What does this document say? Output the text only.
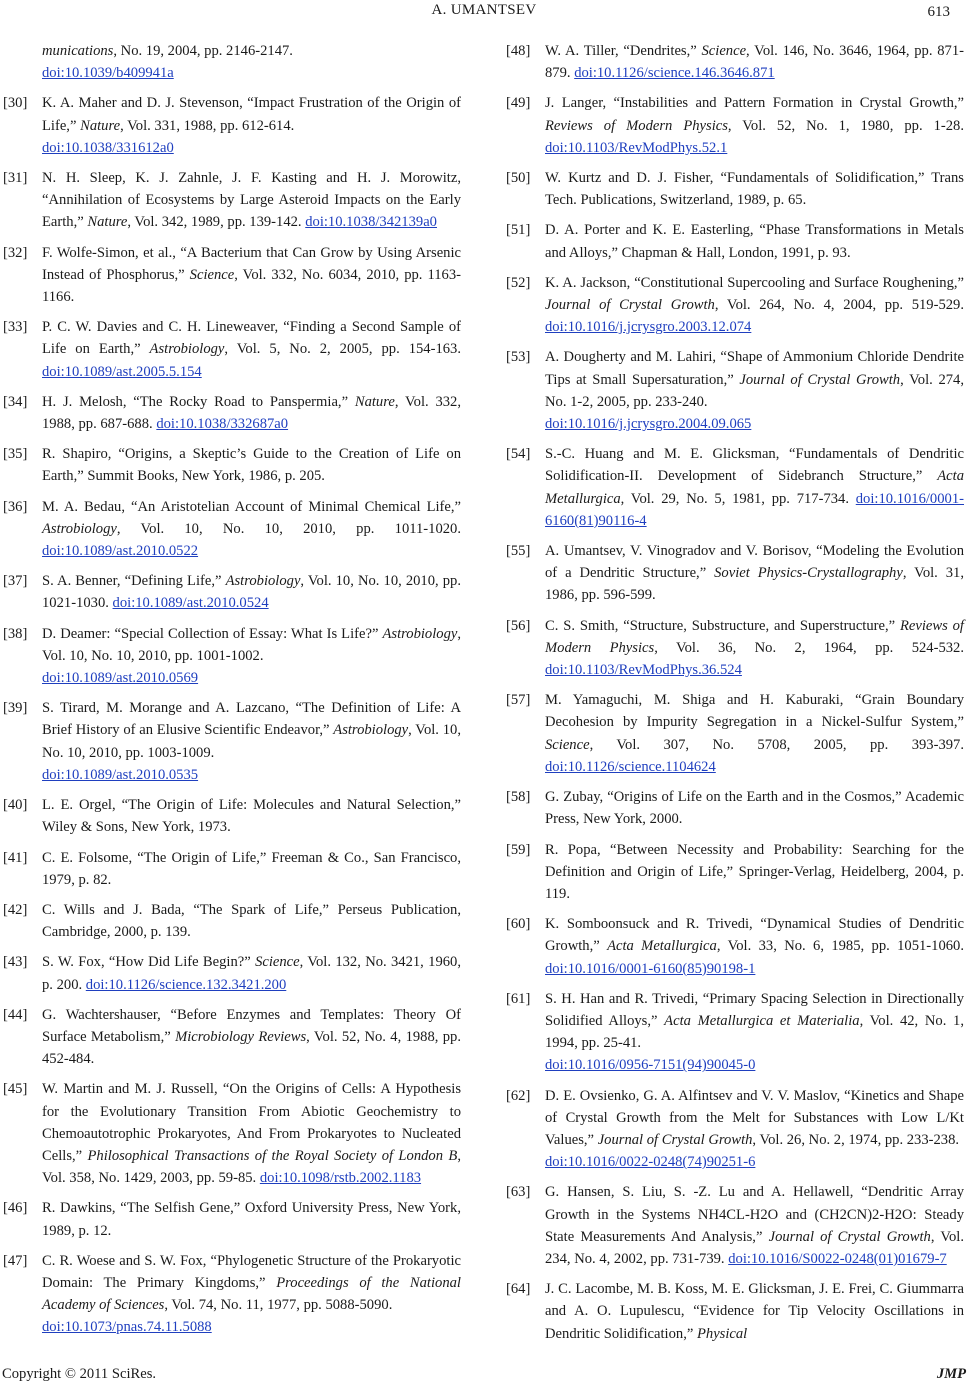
A. UMANTSEV	613
munications, No. 19, 2004, pp. 2146-2147.
doi:10.1039/b409941a
[30] K. A. Maher and D. J. Stevenson, “Impact Frustration of the Origin of Life,” Nature, Vol. 331, 1988, pp. 612-614.
doi:10.1038/331612a0
[31] N. H. Sleep, K. J. Zahnle, J. F. Kasting and H. J. Morowitz, “Annihilation of Ecosystems by Large Asteroid Impacts on the Early Earth,” Nature, Vol. 342, 1989, pp. 139-142. doi:10.1038/342139a0
[32] F. Wolfe-Simon, et al., “A Bacterium that Can Grow by Using Arsenic Instead of Phosphorus,” Science, Vol. 332, No. 6034, 2010, pp. 1163-1166.
[33] P. C. W. Davies and C. H. Lineweaver, “Finding a Second Sample of Life on Earth,” Astrobiology, Vol. 5, No. 2, 2005, pp. 154-163. doi:10.1089/ast.2005.5.154
[34] H. J. Melosh, “The Rocky Road to Panspermia,” Nature, Vol. 332, 1988, pp. 687-688. doi:10.1038/332687a0
[35] R. Shapiro, “Origins, a Skeptic’s Guide to the Creation of Life on Earth,” Summit Books, New York, 1986, p. 205.
[36] M. A. Bedau, “An Aristotelian Account of Minimal Chemical Life,” Astrobiology, Vol. 10, No. 10, 2010, pp. 1011-1020. doi:10.1089/ast.2010.0522
[37] S. A. Benner, “Defining Life,” Astrobiology, Vol. 10, No. 10, 2010, pp. 1021-1030. doi:10.1089/ast.2010.0524
[38] D. Deamer: “Special Collection of Essay: What Is Life?” Astrobiology, Vol. 10, No. 10, 2010, pp. 1001-1002.
doi:10.1089/ast.2010.0569
[39] S. Tirard, M. Morange and A. Lazcano, “The Definition of Life: A Brief History of an Elusive Scientific Endeavor,” Astrobiology, Vol. 10, No. 10, 2010, pp. 1003-1009.
doi:10.1089/ast.2010.0535
[40] L. E. Orgel, “The Origin of Life: Molecules and Natural Selection,” Wiley & Sons, New York, 1973.
[41] C. E. Folsome, “The Origin of Life,” Freeman & Co., San Francisco, 1979, p. 82.
[42] C. Wills and J. Bada, “The Spark of Life,” Perseus Publication, Cambridge, 2000, p. 139.
[43] S. W. Fox, “How Did Life Begin?” Science, Vol. 132, No. 3421, 1960, p. 200. doi:10.1126/science.132.3421.200
[44] G. Wachtershauser, “Before Enzymes and Templates: Theory Of Surface Metabolism,” Microbiology Reviews, Vol. 52, No. 4, 1988, pp. 452-484.
[45] W. Martin and M. J. Russell, “On the Origins of Cells: A Hypothesis for the Evolutionary Transition From Abiotic Geochemistry to Chemoautotrophic Prokaryotes, And From Prokaryotes to Nucleated Cells,” Philosophical Transactions of the Royal Society of London B, Vol. 358, No. 1429, 2003, pp. 59-85. doi:10.1098/rstb.2002.1183
[46] R. Dawkins, “The Selfish Gene,” Oxford University Press, New York, 1989, p. 12.
[47] C. R. Woese and S. W. Fox, “Phylogenetic Structure of the Prokaryotic Domain: The Primary Kingdoms,” Proceedings of the National Academy of Sciences, Vol. 74, No. 11, 1977, pp. 5088-5090.
doi:10.1073/pnas.74.11.5088
[48] W. A. Tiller, “Dendrites,” Science, Vol. 146, No. 3646, 1964, pp. 871-879. doi:10.1126/science.146.3646.871
[49] J. Langer, “Instabilities and Pattern Formation in Crystal Growth,” Reviews of Modern Physics, Vol. 52, No. 1, 1980, pp. 1-28. doi:10.1103/RevModPhys.52.1
[50] W. Kurtz and D. J. Fisher, “Fundamentals of Solidification,” Trans Tech. Publications, Switzerland, 1989, p. 65.
[51] D. A. Porter and K. E. Easterling, “Phase Transformations in Metals and Alloys,” Chapman & Hall, London, 1991, p. 93.
[52] K. A. Jackson, “Constitutional Supercooling and Surface Roughening,” Journal of Crystal Growth, Vol. 264, No. 4, 2004, pp. 519-529. doi:10.1016/j.jcrysgro.2003.12.074
[53] A. Dougherty and M. Lahiri, “Shape of Ammonium Chloride Dendrite Tips at Small Supersaturation,” Journal of Crystal Growth, Vol. 274, No. 1-2, 2005, pp. 233-240.
doi:10.1016/j.jcrysgro.2004.09.065
[54] S.-C. Huang and M. E. Glicksman, “Fundamentals of Dendritic Solidification-II. Development of Sidebranch Structure,” Acta Metallurgica, Vol. 29, No. 5, 1981, pp. 717-734. doi:10.1016/0001-6160(81)90116-4
[55] A. Umantsev, V. Vinogradov and V. Borisov, “Modeling the Evolution of a Dendritic Structure,” Soviet Physics-Crystallography, Vol. 31, 1986, pp. 596-599.
[56] C. S. Smith, “Structure, Substructure, and Superstructure,” Reviews of Modern Physics, Vol. 36, No. 2, 1964, pp. 524-532. doi:10.1103/RevModPhys.36.524
[57] M. Yamaguchi, M. Shiga and H. Kaburaki, “Grain Boundary Decohesion by Impurity Segregation in a Nickel-Sulfur System,” Science, Vol. 307, No. 5708, 2005, pp. 393-397. doi:10.1126/science.1104624
[58] G. Zubay, “Origins of Life on the Earth and in the Cosmos,” Academic Press, New York, 2000.
[59] R. Popa, “Between Necessity and Probability: Searching for the Definition and Origin of Life,” Springer-Verlag, Heidelberg, 2004, p. 119.
[60] K. Somboonsuck and R. Trivedi, “Dynamical Studies of Dendritic Growth,” Acta Metallurgica, Vol. 33, No. 6, 1985, pp. 1051-1060. doi:10.1016/0001-6160(85)90198-1
[61] S. H. Han and R. Trivedi, “Primary Spacing Selection in Directionally Solidified Alloys,” Acta Metallurgica et Materialia, Vol. 42, No. 1, 1994, pp. 25-41.
doi:10.1016/0956-7151(94)90045-0
[62] D. E. Ovsienko, G. A. Alfintsev and V. V. Maslov, “Kinetics and Shape of Crystal Growth from the Melt for Substances with Low L/Kt Values,” Journal of Crystal Growth, Vol. 26, No. 2, 1974, pp. 233-238.
doi:10.1016/0022-0248(74)90251-6
[63] G. Hansen, S. Liu, S. -Z. Lu and A. Hellawell, “Dendritic Array Growth in the Systems NH4CL-H2O and (CH2CN)2-H2O: Steady State Measurements And Analysis,” Journal of Crystal Growth, Vol. 234, No. 4, 2002, pp. 731-739. doi:10.1016/S0022-0248(01)01679-7
[64] J. C. Lacombe, M. B. Koss, M. E. Glicksman, J. E. Frei, C. Giummarra and A. O. Lupulescu, “Evidence for Tip Velocity Oscillations in Dendritic Solidification,” Physical
Copyright © 2011 SciRes.	JMP
